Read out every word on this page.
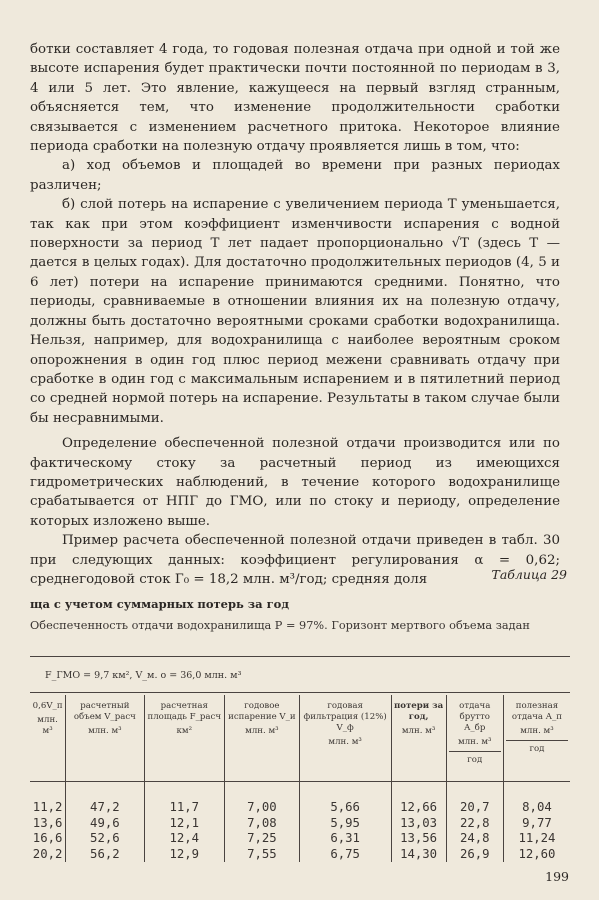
ботки составляет 4 года, то годовая полезная отдача при одной и той же высоте испарения будет практически почти постоянной по периодам в 3, 4 или 5 лет. Это явление, кажущееся на первый взгляд странным, объясняется тем, что изменение продолжительности сработки связывается с изменением расчетного притока. Некоторое влияние периода сработки на полезную отдачу проявляется лишь в том, что:

а) ход объемов и площадей во времени при разных периодах различен;

б) слой потерь на испарение с увеличением периода T уменьшается, так как при этом коэффициент изменчивости испарения с водной поверхности за период T лет падает пропорционально √T (здесь T — дается в целых годах). Для достаточно продолжительных периодов (4, 5 и 6 лет) потери на испарение принимаются средними. Понятно, что периоды, сравниваемые в отношении влияния их на полезную отдачу, должны быть достаточно вероятными сроками сработки водохранилища. Нельзя, например, для водохранилища с наиболее вероятным сроком опорожнения в один год плюс период межени сравнивать отдачу при сработке в один год с максимальным испарением и в пятилетний период со средней нормой потерь на испарение. Результаты в таком случае были бы несравнимыми.

Определение обеспеченной полезной отдачи производится или по фактическому стоку за расчетный период из имеющихся гидрометрических наблюдений, в течение которого водохранилище срабатывается от НПГ до ГМО, или по стоку и периоду, определение которых изложено выше.

Пример расчета обеспеченной полезной отдачи приведен в табл. 30 при следующих данных: коэффициент регулирования α = 0,62; среднегодовой сток Г₀ = 18,2 млн. м³/год; средняя доля	Таблица 29
ща с учетом суммарных потерь за год
Обеспеченность отдачи водохранилища P = 97%. Горизонт мертвого объема задан
F_ГМО = 9,7 км², V_м. о = 36,0 млн. м³
0,6V_п
млн. м³	расчетный объем V_расч
млн. м³	расчетная площадь F_расч
км²	годовое испарение V_и
млн. м³	годовая фильтрация (12%) V_ф
млн. м³	потери за год,
млн. м³	отдача брутто A_бр
млн. м³
год	полезная отдача A_п
млн. м³
год

11,2	47,2	11,7	7,00	5,66	12,66	20,7	8,04
13,6	49,6	12,1	7,08	5,95	13,03	22,8	9,77
16,6	52,6	12,4	7,25	6,31	13,56	24,8	11,24
20,2	56,2	12,9	7,55	6,75	14,30	26,9	12,60
199
